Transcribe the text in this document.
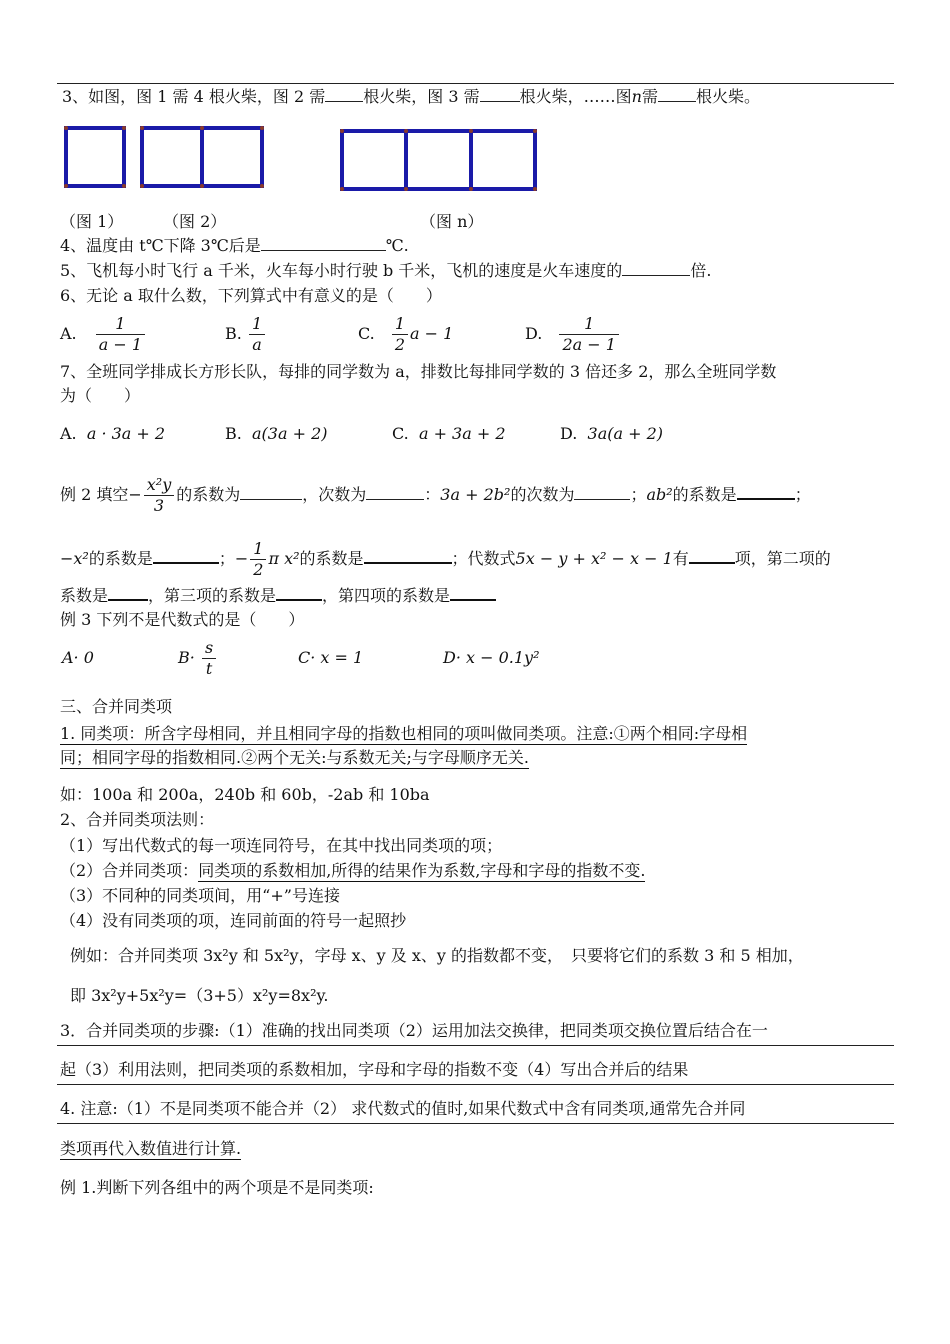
3、如图，图 1 需 4 根火柴，图 2 需 根火柴，图 3 需	根火柴，……图n需 根火柴。
（图 1） （图 2）	（图 n）
4、温度由 t℃下降 3℃后是	℃.
5、飞机每小时飞行 a 千米，火车每小时行驶 b 千米，飞机的速度是火车速度的	倍.
6、无论 a 取什么数，下列算式中有意义的是（　　）
A. $\frac{1}{a - 1}$	B. $\frac{1}{a}$	C. $\frac{1}{2}$ a − 1	D. $\frac{1}{2a - 1}$
7、全班同学排成长方形长队，每排的同学数为 a，排数比每排同学数的 3 倍还多 2，那么全班同学数
为（　　）
A. a · 3a + 2	B. a(3a + 2)	C. a + 3a + 2	D. 3a(a + 2)
例 2 填空− $\frac{\text{x²y}}{3}$ 的系数为	，次数为	：3a + 2b²的次数为	；ab²的系数是	；
−x²的系数是	；− $\frac{1}{2}$ π x²的系数是	；代数式5x − y + x² − x − 1有	项，第二项的
系数是	，第三项的系数是	，第四项的系数是
例 3 下列不是代数式的是（　　）
A· 0	$B\cdot \frac{s}{t}$	C· x = 1	D· x − 0.1y²
三、合并同类项
1. 同类项：所含字母相同，并且相同字母的指数也相同的项叫做同类项。注意:①两个相同:字母相
同；相同字母的指数相同.②两个无关:与系数无关;与字母顺序无关.
如：100a 和 200a，240b 和 60b，-2ab 和 10ba
2、合并同类项法则：
（1）写出代数式的每一项连同符号，在其中找出同类项的项；
（2）合并同类项：同类项的系数相加,所得的结果作为系数,字母和字母的指数不变.
（3）不同种的同类项间，用“+”号连接
（4）没有同类项的项，连同前面的符号一起照抄
例如：合并同类项 3x²y 和 5x²y，字母 x、y 及 x、y 的指数都不变，　只要将它们的系数 3 和 5 相加，
即 3x²y+5x²y=（3+5）x²y=8x²y.
3．合并同类项的步骤:（1）准确的找出同类项（2）运用加法交换律，把同类项交换位置后结合在一
起（3）利用法则，把同类项的系数相加，字母和字母的指数不变（4）写出合并后的结果
4. 注意:（1）不是同类项不能合并（2） 求代数式的值时,如果代数式中含有同类项,通常先合并同
类项再代入数值进行计算.
例 1.判断下列各组中的两个项是不是同类项:
